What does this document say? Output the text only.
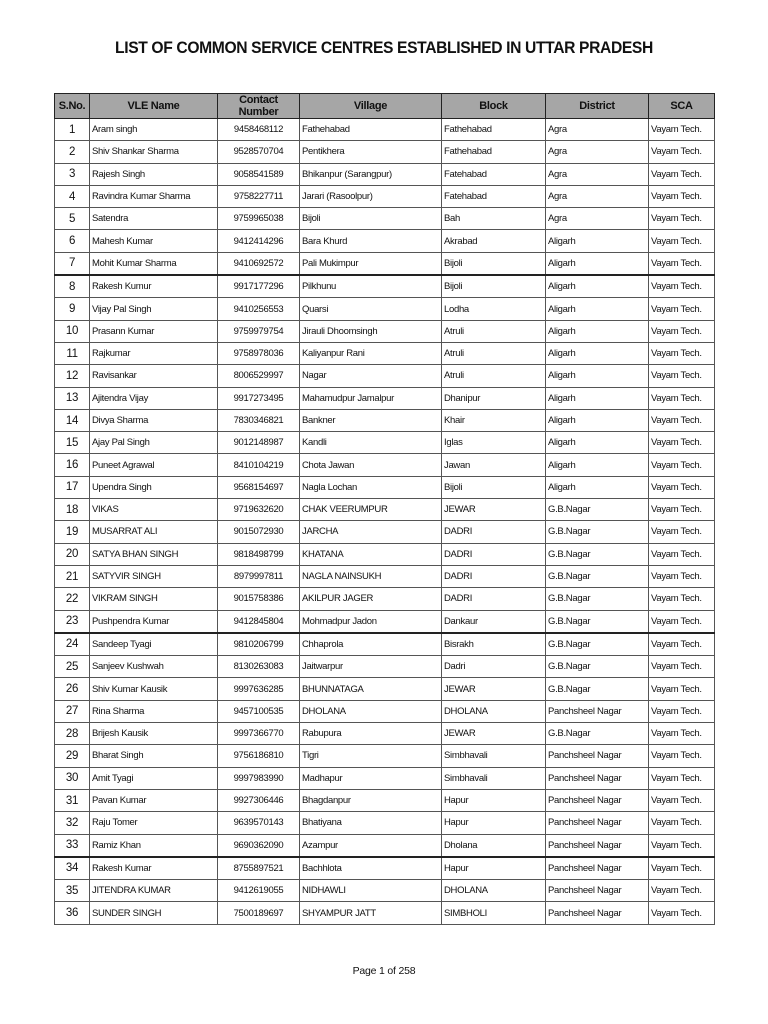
LIST OF COMMON SERVICE CENTRES ESTABLISHED IN UTTAR PRADESH
S.No.	VLE Name	Contact Number	Village	Block	District	SCA
1	Aram singh	9458468112	Fathehabad	Fathehabad	Agra	Vayam Tech.
2	Shiv Shankar Sharma	9528570704	Pentikhera	Fathehabad	Agra	Vayam Tech.
3	Rajesh Singh	9058541589	Bhikanpur (Sarangpur)	Fatehabad	Agra	Vayam Tech.
4	Ravindra Kumar Sharma	9758227711	Jarari (Rasoolpur)	Fatehabad	Agra	Vayam Tech.
5	Satendra	9759965038	Bijoli	Bah	Agra	Vayam Tech.
6	Mahesh Kumar	9412414296	Bara Khurd	Akrabad	Aligarh	Vayam Tech.
7	Mohit Kumar Sharma	9410692572	Pali Mukimpur	Bijoli	Aligarh	Vayam Tech.
8	Rakesh Kumur	9917177296	Pilkhunu	Bijoli	Aligarh	Vayam Tech.
9	Vijay Pal Singh	9410256553	Quarsi	Lodha	Aligarh	Vayam Tech.
10	Prasann Kumar	9759979754	Jirauli Dhoomsingh	Atruli	Aligarh	Vayam Tech.
11	Rajkumar	9758978036	Kaliyanpur Rani	Atruli	Aligarh	Vayam Tech.
12	Ravisankar	8006529997	Nagar	Atruli	Aligarh	Vayam Tech.
13	Ajitendra Vijay	9917273495	Mahamudpur Jamalpur	Dhanipur	Aligarh	Vayam Tech.
14	Divya Sharma	7830346821	Bankner	Khair	Aligarh	Vayam Tech.
15	Ajay Pal Singh	9012148987	Kandli	Iglas	Aligarh	Vayam Tech.
16	Puneet Agrawal	8410104219	Chota Jawan	Jawan	Aligarh	Vayam Tech.
17	Upendra Singh	9568154697	Nagla Lochan	Bijoli	Aligarh	Vayam Tech.
18	VIKAS	9719632620	CHAK VEERUMPUR	JEWAR	G.B.Nagar	Vayam Tech.
19	MUSARRAT ALI	9015072930	JARCHA	DADRI	G.B.Nagar	Vayam Tech.
20	SATYA BHAN SINGH	9818498799	KHATANA	DADRI	G.B.Nagar	Vayam Tech.
21	SATYVIR SINGH	8979997811	NAGLA NAINSUKH	DADRI	G.B.Nagar	Vayam Tech.
22	VIKRAM SINGH	9015758386	AKILPUR JAGER	DADRI	G.B.Nagar	Vayam Tech.
23	Pushpendra Kumar	9412845804	Mohmadpur Jadon	Dankaur	G.B.Nagar	Vayam Tech.
24	Sandeep Tyagi	9810206799	Chhaprola	Bisrakh	G.B.Nagar	Vayam Tech.
25	Sanjeev Kushwah	8130263083	Jaitwarpur	Dadri	G.B.Nagar	Vayam Tech.
26	Shiv Kumar Kausik	9997636285	BHUNNATAGA	JEWAR	G.B.Nagar	Vayam Tech.
27	Rina Sharma	9457100535	DHOLANA	DHOLANA	Panchsheel Nagar	Vayam Tech.
28	Brijesh Kausik	9997366770	Rabupura	JEWAR	G.B.Nagar	Vayam Tech.
29	Bharat Singh	9756186810	Tigri	Simbhavali	Panchsheel Nagar	Vayam Tech.
30	Amit Tyagi	9997983990	Madhapur	Simbhavali	Panchsheel Nagar	Vayam Tech.
31	Pavan Kumar	9927306446	Bhagdanpur	Hapur	Panchsheel Nagar	Vayam Tech.
32	Raju Tomer	9639570143	Bhatiyana	Hapur	Panchsheel Nagar	Vayam Tech.
33	Ramiz Khan	9690362090	Azampur	Dholana	Panchsheel Nagar	Vayam Tech.
34	Rakesh Kumar	8755897521	Bachhlota	Hapur	Panchsheel Nagar	Vayam Tech.
35	JITENDRA KUMAR	9412619055	NIDHAWLI	DHOLANA	Panchsheel Nagar	Vayam Tech.
36	SUNDER SINGH	7500189697	SHYAMPUR JATT	SIMBHOLI	Panchsheel Nagar	Vayam Tech.
Page 1 of 258
